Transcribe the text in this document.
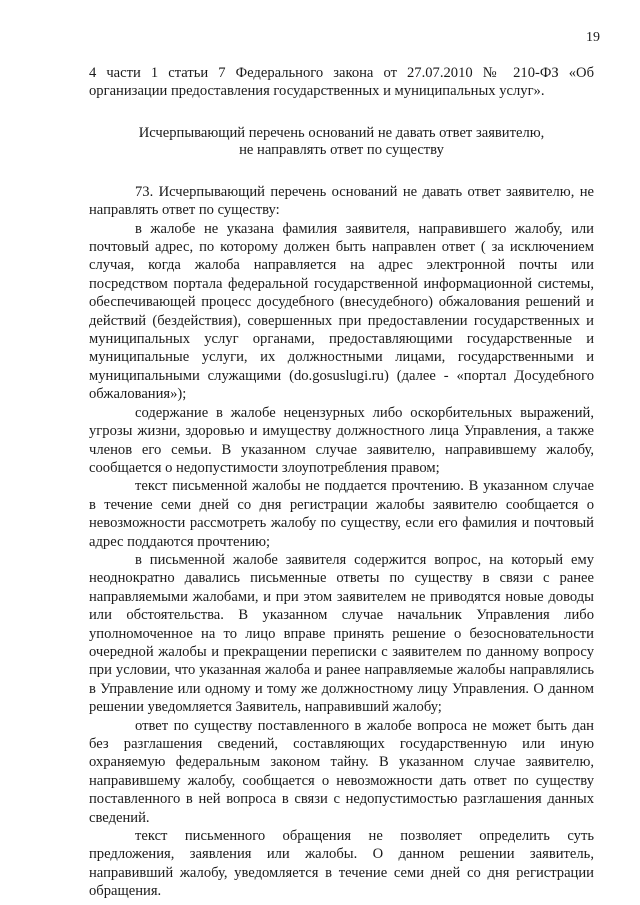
19

4 части 1 статьи 7 Федерального закона от 27.07.2010 № 210-ФЗ «Об организации предоставления государственных и муниципальных услуг».

Исчерпывающий перечень оснований не давать ответ заявителю,
не направлять ответ по существу

73. Исчерпывающий перечень оснований не давать ответ заявителю, не направлять ответ по существу:

в жалобе не указана фамилия заявителя, направившего жалобу, или почтовый адрес, по которому должен быть направлен ответ ( за исключением случая, когда жалоба направляется на адрес электронной почты или посредством портала федеральной государственной информационной системы, обеспечивающей процесс досудебного (внесудебного) обжалования решений и действий (бездействия), совершенных при предоставлении государственных и муниципальных услуг органами, предоставляющими государственные и муниципальные услуги, их должностными лицами, государственными и муниципальными служащими (do.gosuslugi.ru) (далее - «портал Досудебного обжалования»);

содержание в жалобе нецензурных либо оскорбительных выражений, угрозы жизни, здоровью и имуществу должностного лица Управления, а также членов его семьи. В указанном случае заявителю, направившему жалобу, сообщается о недопустимости злоупотребления правом;

текст письменной жалобы не поддается прочтению. В указанном случае в течение семи дней со дня регистрации жалобы заявителю сообщается о невозможности рассмотреть жалобу по существу, если его фамилия и почтовый адрес поддаются прочтению;

в письменной жалобе заявителя содержится вопрос, на который ему неоднократно давались письменные ответы по существу в связи с ранее направляемыми жалобами, и при этом заявителем не приводятся новые доводы или обстоятельства. В указанном случае начальник Управления либо уполномоченное на то лицо вправе принять решение о безосновательности очередной жалобы и прекращении переписки с заявителем по данному вопросу при условии, что указанная жалоба и ранее направляемые жалобы направлялись в Управление или одному и тому же должностному лицу Управления. О данном решении уведомляется Заявитель, направивший жалобу;

ответ по существу поставленного в жалобе вопроса не может быть дан без разглашения сведений, составляющих государственную или иную охраняемую федеральным законом тайну. В указанном случае заявителю, направившему жалобу, сообщается о невозможности дать ответ по существу поставленного в ней вопроса в связи с недопустимостью разглашения данных сведений.

текст письменного обращения не позволяет определить суть предложения, заявления или жалобы. О данном решении заявитель, направивший жалобу, уведомляется в течение семи дней со дня регистрации обращения.
